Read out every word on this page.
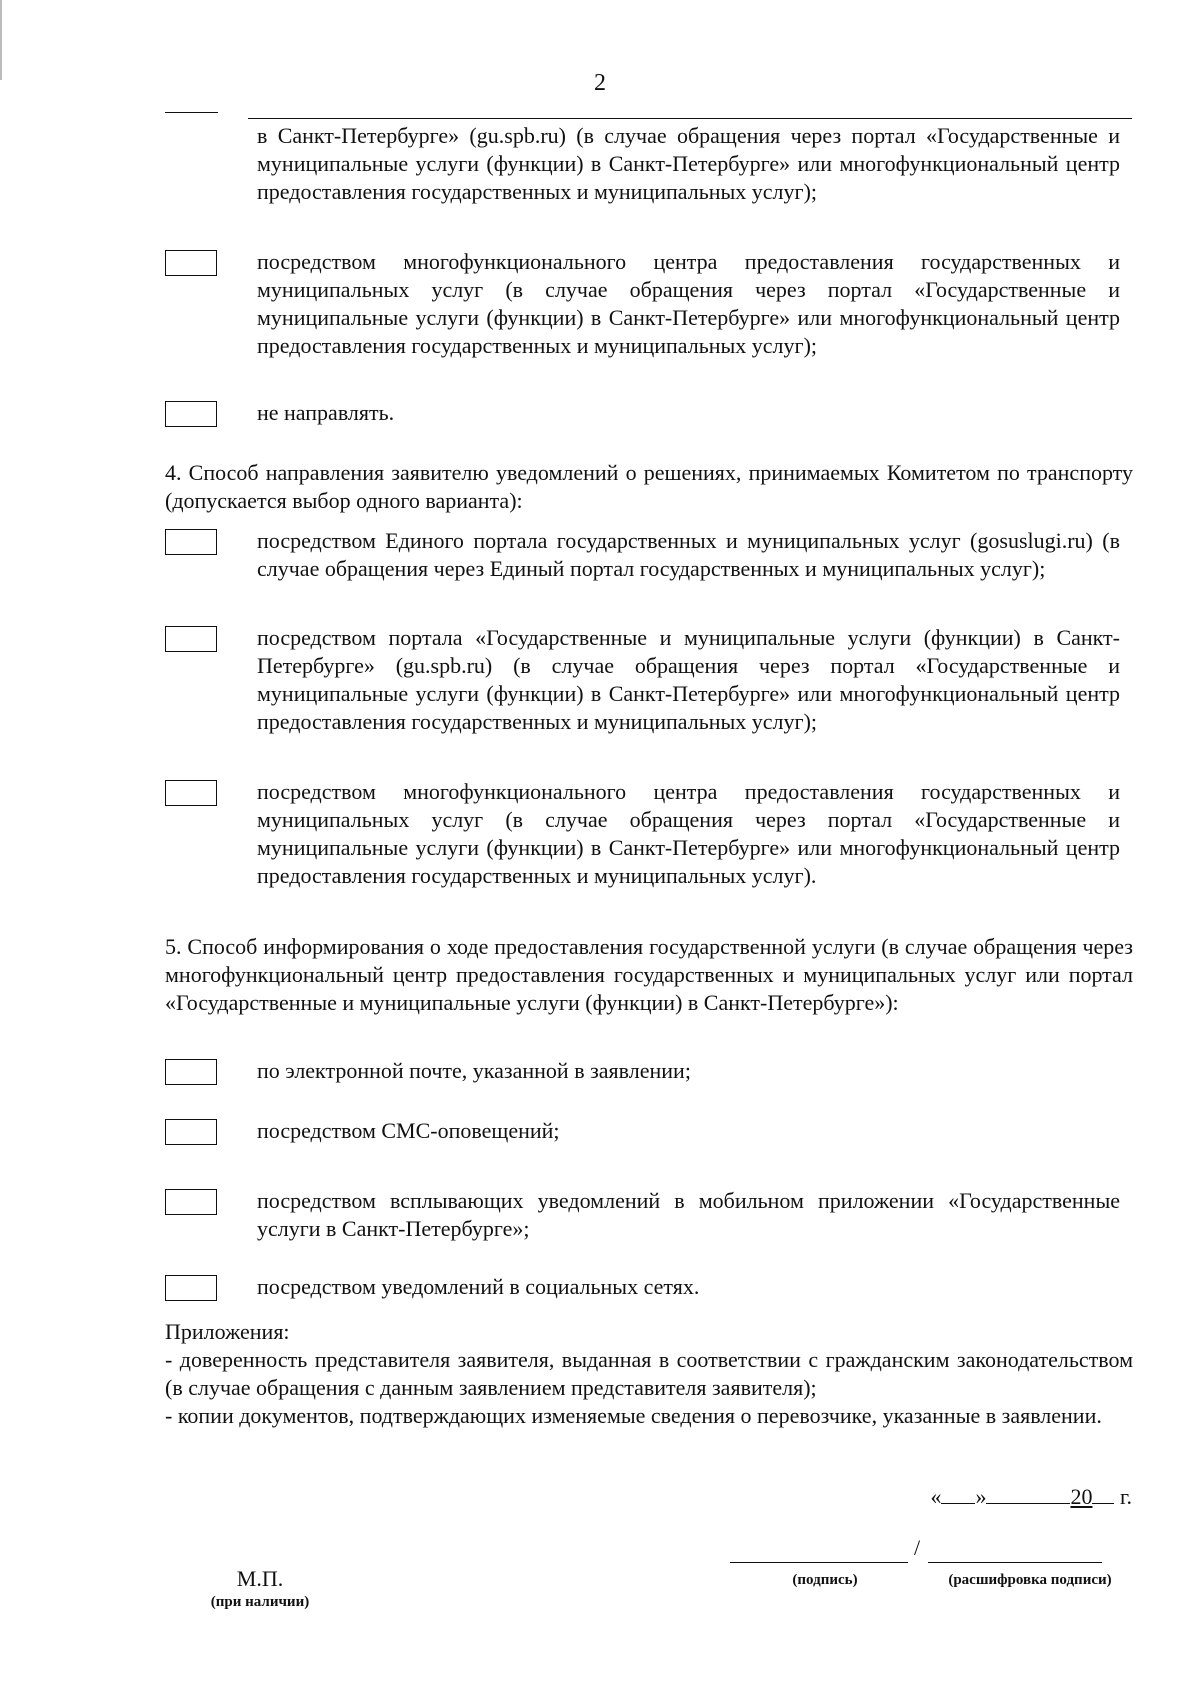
2
в Санкт-Петербурге» (gu.spb.ru) (в случае обращения через портал «Государственные и муниципальные услуги (функции) в Санкт-Петербурге» или многофункциональный центр предоставления государственных и муниципальных услуг);
посредством многофункционального центра предоставления государственных и муниципальных услуг (в случае обращения через портал «Государственные и муниципальные услуги (функции) в Санкт-Петербурге» или многофункциональный центр предоставления государственных и муниципальных услуг);
не направлять.
4. Способ направления заявителю уведомлений о решениях, принимаемых Комитетом по транспорту (допускается выбор одного варианта):
посредством Единого портала государственных и муниципальных услуг (gosuslugi.ru) (в случае обращения через Единый портал государственных и муниципальных услуг);
посредством портала «Государственные и муниципальные услуги (функции) в Санкт-Петербурге» (gu.spb.ru) (в случае обращения через портал «Государственные и муниципальные услуги (функции) в Санкт-Петербурге» или многофункциональный центр предоставления государственных и муниципальных услуг);
посредством многофункционального центра предоставления государственных и муниципальных услуг (в случае обращения через портал «Государственные и муниципальные услуги (функции) в Санкт-Петербурге» или многофункциональный центр предоставления государственных и муниципальных услуг).
5. Способ информирования о ходе предоставления государственной услуги (в случае обращения через многофункциональный центр предоставления государственных и муниципальных услуг или портал «Государственные и муниципальные услуги (функции) в Санкт-Петербурге»):
по электронной почте, указанной в заявлении;
посредством СМС-оповещений;
посредством всплывающих уведомлений в мобильном приложении «Государственные услуги в Санкт-Петербурге»;
посредством уведомлений в социальных сетях.

Приложения:

- доверенность представителя заявителя, выданная в соответствии с гражданским законодательством (в случае обращения с данным заявлением представителя заявителя);

- копии документов, подтверждающих изменяемые сведения о перевозчике, указанные в заявлении.

« »	20 г.
/
(подпись)	(расшифровка подписи)
М.П.
(при наличии)
